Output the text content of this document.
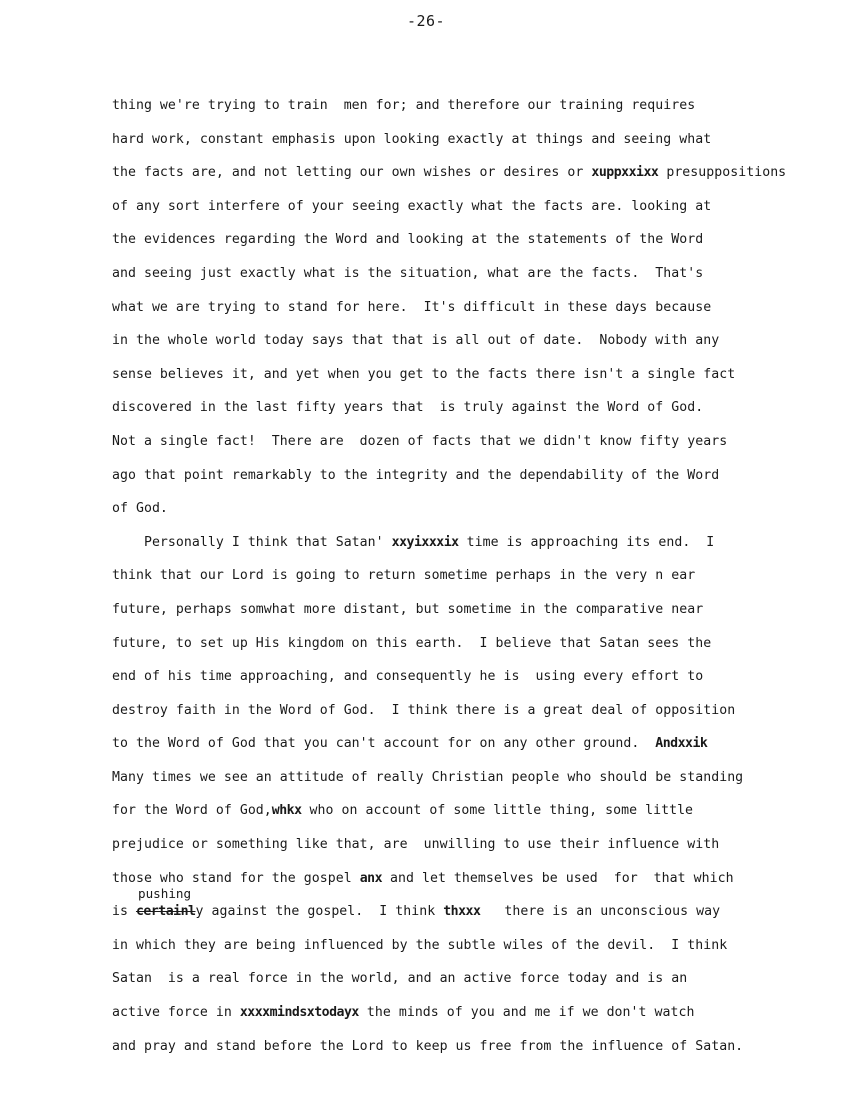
-26-
thing we're trying to train  men for; and therefore our training requires
hard work, constant emphasis upon looking exactly at things and seeing what
the facts are, and not letting our own wishes or desires or xuppxxixx presuppositions
of any sort interfere of your seeing exactly what the facts are. looking at
the evidences regarding the Word and looking at the statements of the Word
and seeing just exactly what is the situation, what are the facts.  That's
what we are trying to stand for here.  It's difficult in these days because
in the whole world today says that that is all out of date.  Nobody with any
sense believes it, and yet when you get to the facts there isn't a single fact
discovered in the last fifty years that  is truly against the Word of God.
Not a single fact!  There are  dozen of facts that we didn't know fifty years
ago that point remarkably to the integrity and the dependability of the Word
of God.
Personally I think that Satan' xxyixxxix time is approaching its end.  I
think that our Lord is going to return sometime perhaps in the very n ear
future, perhaps somwhat more distant, but sometime in the comparative near
future, to set up His kingdom on this earth.  I believe that Satan sees the
end of his time approaching, and consequently he is  using every effort to
destroy faith in the Word of God.  I think there is a great deal of opposition
to the Word of God that you can't account for on any other ground.  Andxxik
Many times we see an attitude of really Christian people who should be standing
for the Word of God,whkx who on account of some little thing, some little
prejudice or something like that, are  unwilling to use their influence with
those who stand for the gospel anx and let themselves be used  for  that which
is certainly against the gospel.  I think thxxx   there is an unconscious way
in which they are being influenced by the subtle wiles of the devil.  I think
Satan  is a real force in the world, and an active force today and is an
active force in xxxxmindsxtodayx the minds of you and me if we don't watch
and pray and stand before the Lord to keep us free from the influence of Satan.
pushing
